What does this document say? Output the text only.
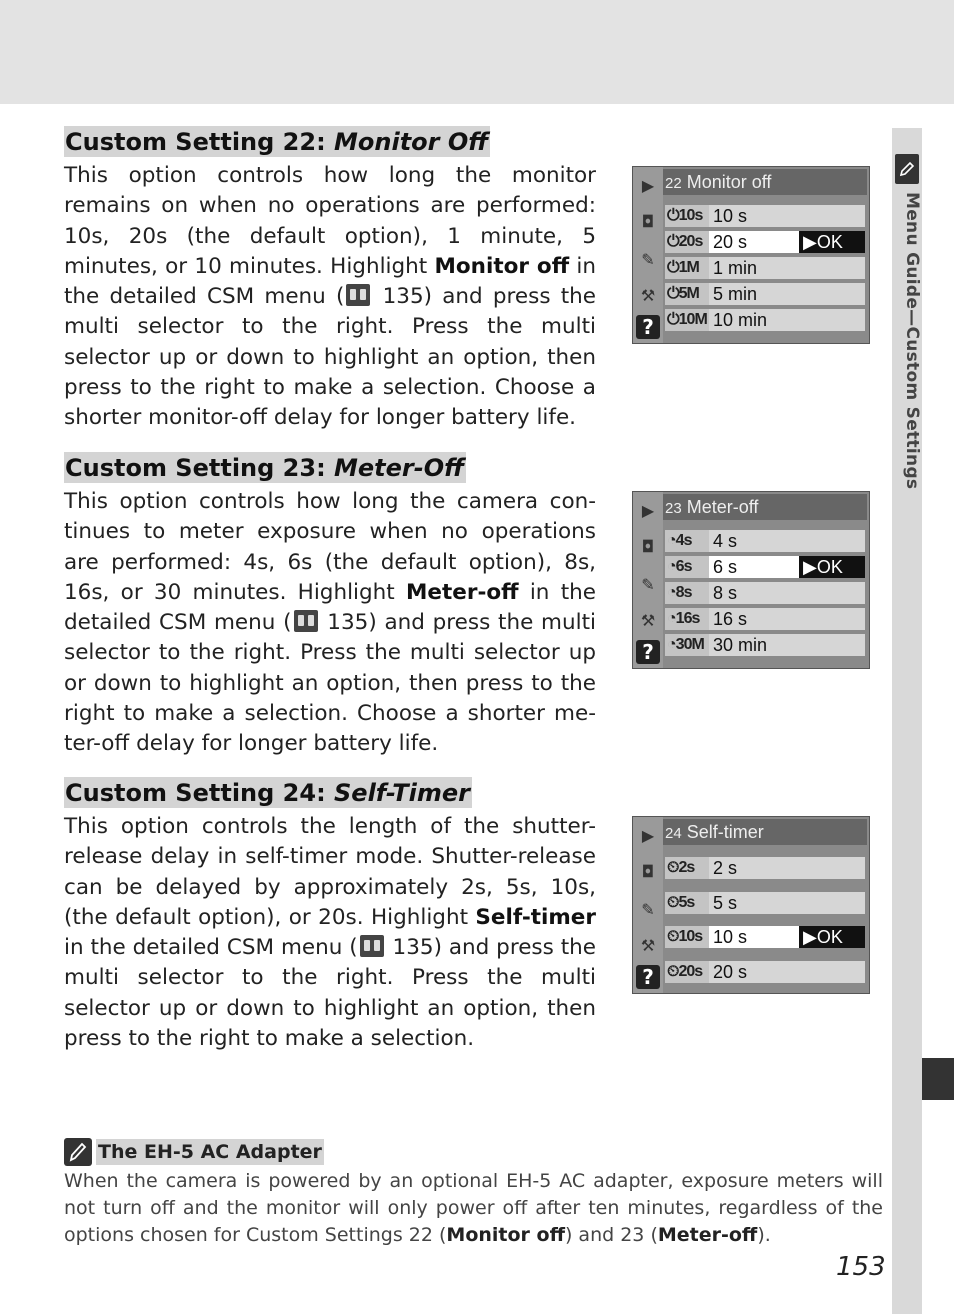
Menu Guide—Custom Settings
Custom Setting 22: Monitor Off

This option controls how long the monitor remains on when no operations are performed: 10s, 20s (the default option), 1 minute, 5 minutes, or 10 minutes. Highlight Monitor off in the detailed CSM menu ( 135) and press the multi selector to the right. Press the multi selector up or down to highlight an option, then press to the right to make a selection. Choose a shorter monitor-off delay for longer battery life.

Custom Setting 23: Meter-Off

This option controls how long the camera continues to meter exposure when no operations are performed: 4s, 6s (the default option), 8s, 16s, or 30 minutes. Highlight Meter-off in the detailed CSM menu ( 135) and press the multi selector to the right. Press the multi selector up or down to highlight an option, then press to the right to make a selection. Choose a shorter meter-off delay for longer battery life.

Custom Setting 24: Self-Timer

This option controls the length of the shutter-release delay in self-timer mode. Shutter-release can be delayed by approximately 2s, 5s, 10s, (the default option), or 20s. Highlight Self-timer in the detailed CSM menu ( 135) and press the multi selector to the right. Press the multi selector up or down to highlight an option, then press to the right to make a selection.

▶
◘
✎
⚒
?
22 Monitor off
⏻10s 10 s
⏻20s 20 s	▶OK
⏻1M 1 min
⏻5M 5 min
⏻10M 10 min
▶
◘
✎
⚒
?
23 Meter-off
◔4s	4 s
◔6s	6 s	▶OK
◔8s	8 s
◔16s 16 s
◔30M 30 min
▶
◘
✎
⚒
?
24 Self-timer
⏲2s	2 s
⏲5s	5 s
⏲10s 10 s	▶OK
⏲20s 20 s
The EH-5 AC Adapter

When the camera is powered by an optional EH-5 AC adapter, exposure meters will not turn off and the monitor will only power off after ten minutes, regardless of the options chosen for Custom Settings 22 (Monitor off) and 23 (Meter-off).

153
